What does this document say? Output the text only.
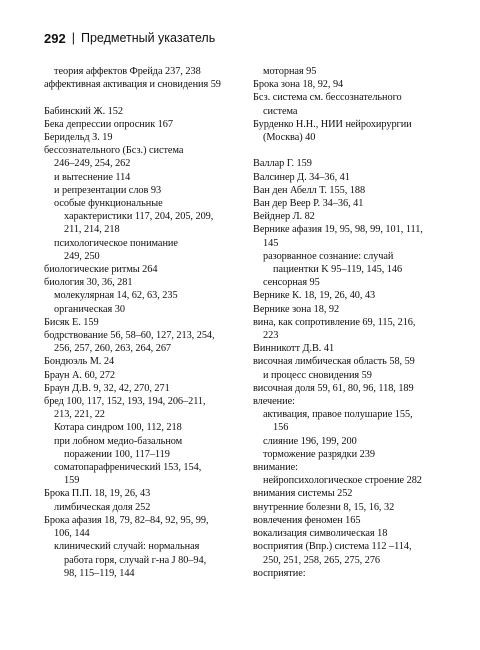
292 | Предметный указатель
теория аффектов Фрейда 237, 238
аффективная активация и сновидения 59
Бабинский Ж. 152
Бека депрессии опросник 167
Беридельд З. 19
бессознательного (Бсз.) система
246–249, 254, 262
и вытеснение 114
и репрезентации слов 93
особые функциональные
характеристики 117, 204, 205, 209,
211, 214, 218
психологическое понимание
249, 250
биологические ритмы 264
биология 30, 36, 281
молекулярная 14, 62, 63, 235
органическая 30
Бисяк Е. 159
бодрствование 56, 58–60, 127, 213, 254,
256, 257, 260, 263, 264, 267
Бондюэль М. 24
Браун А. 60, 272
Браун Д.В. 9, 32, 42, 270, 271
бред 100, 117, 152, 193, 194, 206–211,
213, 221, 22
Котара синдром 100, 112, 218
при лобном медио-базальном
поражении 100, 117–119
соматопарафренический 153, 154,
159
Брока П.П. 18, 19, 26, 43
лимбическая доля 252
Брока афазия 18, 79, 82–84, 92, 95, 99,
106, 144
клинический случай: нормальная
работа горя, случай г-на J 80–94,
98, 115–119, 144
моторная 95
Брока зона 18, 92, 94
Бсз. система см. бессознательного
система
Бурденко Н.Н., НИИ нейрохирургии
(Москва) 40
Валлар Г. 159
Валсинер Д. 34–36, 41
Ван ден Абелл Т. 155, 188
Ван дер Веер Р. 34–36, 41
Вейднер Л. 82
Вернике афазия 19, 95, 98, 99, 101, 111,
145
разорванное сознание: случай
пациентки K 95–119, 145, 146
сенсорная 95
Вернике К. 18, 19, 26, 40, 43
Вернике зона 18, 92
вина, как сопротивление 69, 115, 216,
223
Винникотт Д.В. 41
височная лимбическая область 58, 59
и процесс сновидения 59
височная доля 59, 61, 80, 96, 118, 189
влечение:
активация, правое полушарие 155,
156
слияние 196, 199, 200
торможение разрядки 239
внимание:
нейропсихологическое строение 282
внимания системы 252
внутренние болезни 8, 15, 16, 32
вовлечения феномен 165
вокализация символическая 18
восприятия (Впр.) система 112 –114,
250, 251, 258, 265, 275, 276
восприятие:
